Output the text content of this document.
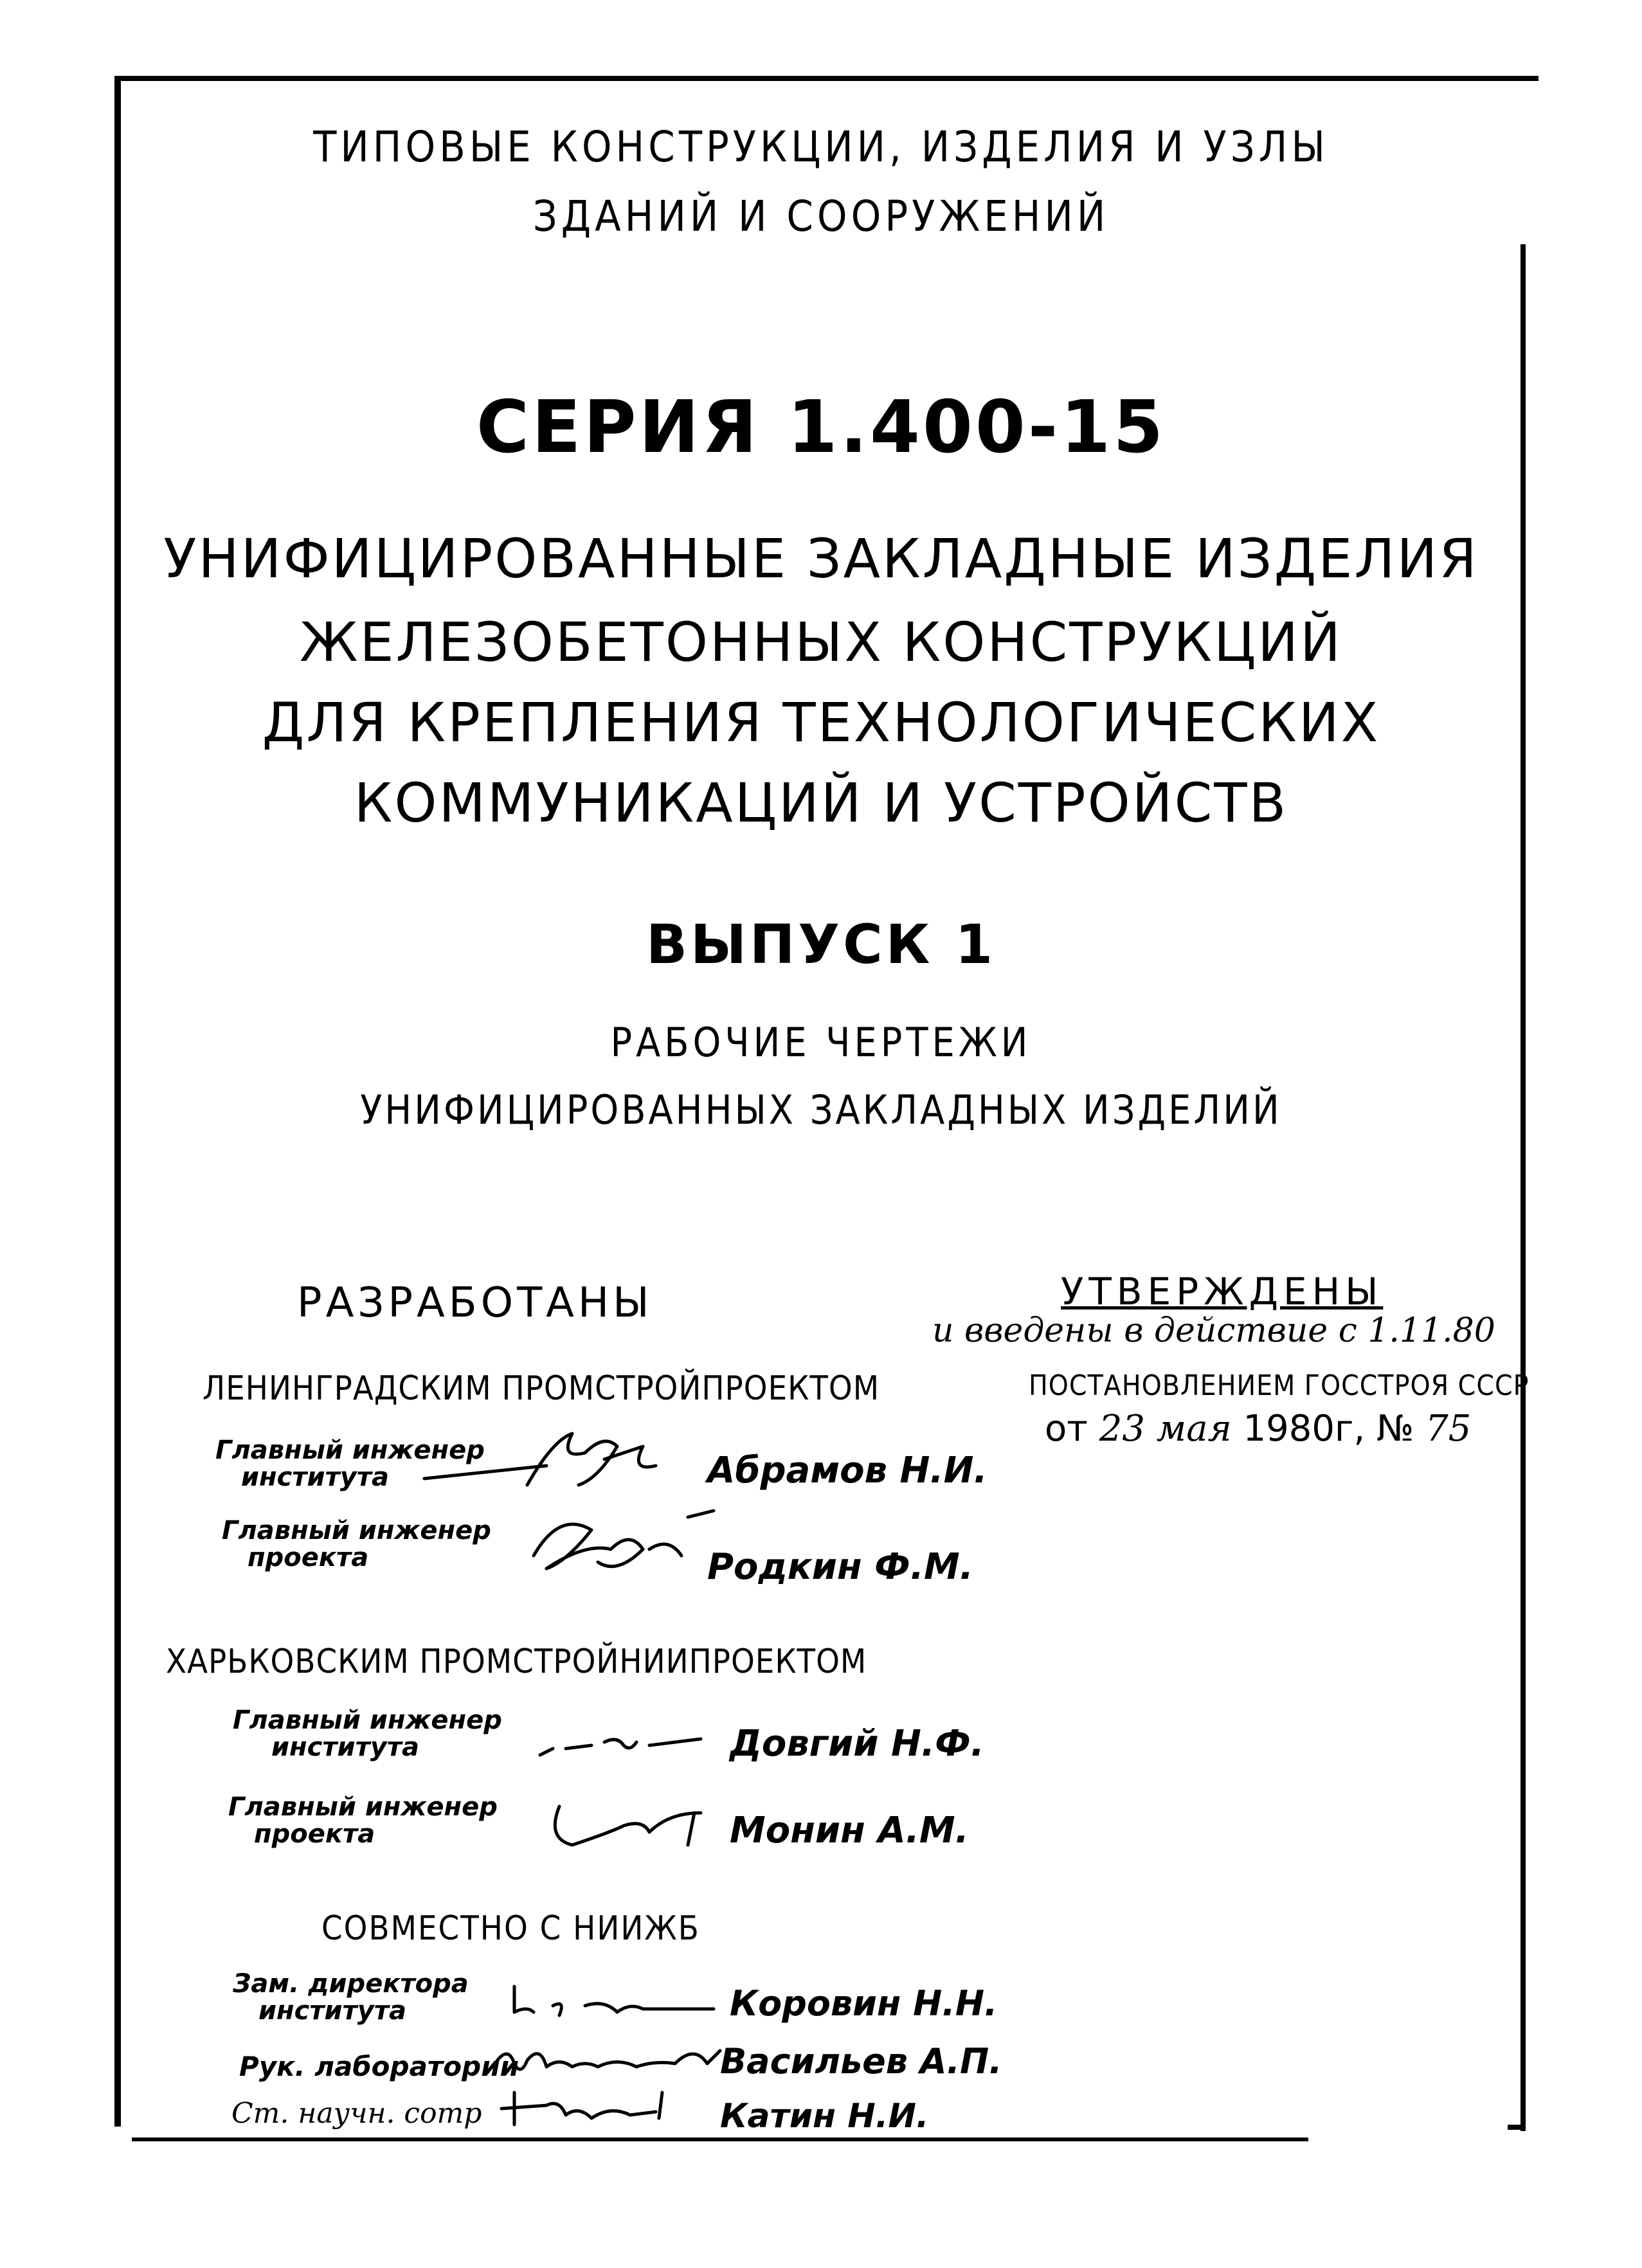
ТИПОВЫЕ КОНСТРУКЦИИ, ИЗДЕЛИЯ И УЗЛЫ
ЗДАНИЙ И СООРУЖЕНИЙ
СЕРИЯ 1.400-15
УНИФИЦИРОВАННЫЕ ЗАКЛАДНЫЕ ИЗДЕЛИЯ
ЖЕЛЕЗОБЕТОННЫХ КОНСТРУКЦИЙ
ДЛЯ КРЕПЛЕНИЯ ТЕХНОЛОГИЧЕСКИХ
КОММУНИКАЦИЙ И УСТРОЙСТВ
ВЫПУСК 1
РАБОЧИЕ ЧЕРТЕЖИ
УНИФИЦИРОВАННЫХ ЗАКЛАДНЫХ ИЗДЕЛИЙ
РАЗРАБОТАНЫ
ЛЕНИНГРАДСКИМ ПРОМСТРОЙПРОЕКТОМ
Главный инженер
института	Абрамов Н.И.
Главный инженер
проекта	Родкин Ф.М.
ХАРЬКОВСКИМ ПРОМСТРОЙНИИПРОЕКТОМ
Главный инженер
института	Довгий Н.Ф.
Главный инженер
проекта	Монин А.М.
СОВМЕСТНО С НИИЖБ
Зам. директора
института	Коровин Н.Н.
Рук. лаборатории	Васильев А.П.
Ст. научн. сотр	Катин Н.И.
УТВЕРЖДЕНЫ
и введены в действие с 1.11.80
ПОСТАНОВЛЕНИЕМ ГОССТРОЯ СССР
от 23 мая 1980г, № 75
